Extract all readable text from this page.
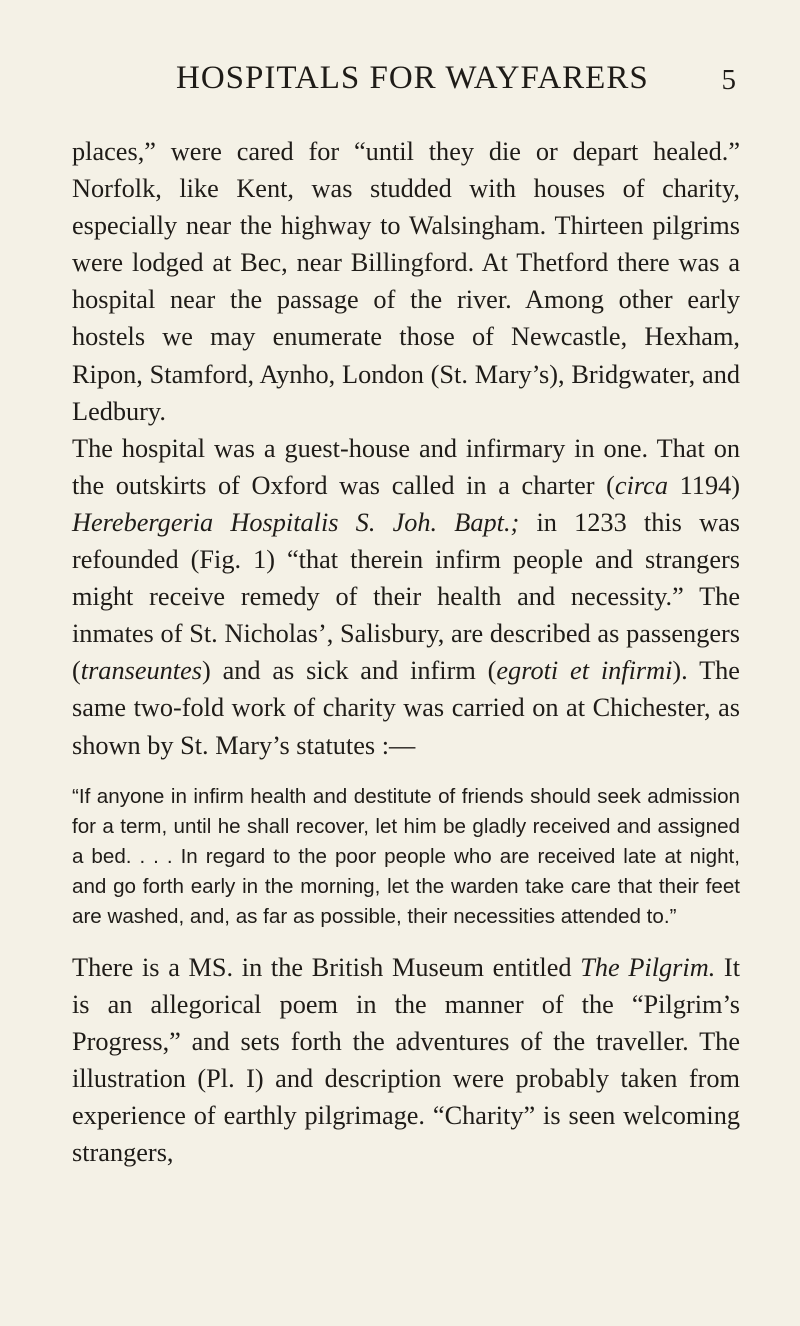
HOSPITALS FOR WAYFARERS	5

places,” were cared for “until they die or depart healed.” Norfolk, like Kent, was studded with houses of charity, especially near the highway to Walsingham. Thirteen pilgrims were lodged at Bec, near Billingford. At Thetford there was a hospital near the passage of the river. Among other early hostels we may enumerate those of Newcastle, Hexham, Ripon, Stamford, Aynho, London (St. Mary’s), Bridgwater, and Ledbury.

The hospital was a guest-house and infirmary in one. That on the outskirts of Oxford was called in a charter (circa 1194) Herebergeria Hospitalis S. Joh. Bapt.; in 1233 this was refounded (Fig. 1) “that therein infirm people and strangers might receive remedy of their health and necessity.” The inmates of St. Nicholas’, Salisbury, are described as passengers (transeuntes) and as sick and infirm (egroti et infirmi). The same two-fold work of charity was carried on at Chichester, as shown by St. Mary’s statutes :—

“If anyone in infirm health and destitute of friends should seek admission for a term, until he shall recover, let him be gladly received and assigned a bed. . . . In regard to the poor people who are received late at night, and go forth early in the morning, let the warden take care that their feet are washed, and, as far as possible, their necessities attended to.”

There is a MS. in the British Museum entitled The Pilgrim. It is an allegorical poem in the manner of the “Pilgrim’s Progress,” and sets forth the adventures of the traveller. The illustration (Pl. I) and description were probably taken from experience of earthly pilgrimage. “Charity” is seen welcoming strangers,
